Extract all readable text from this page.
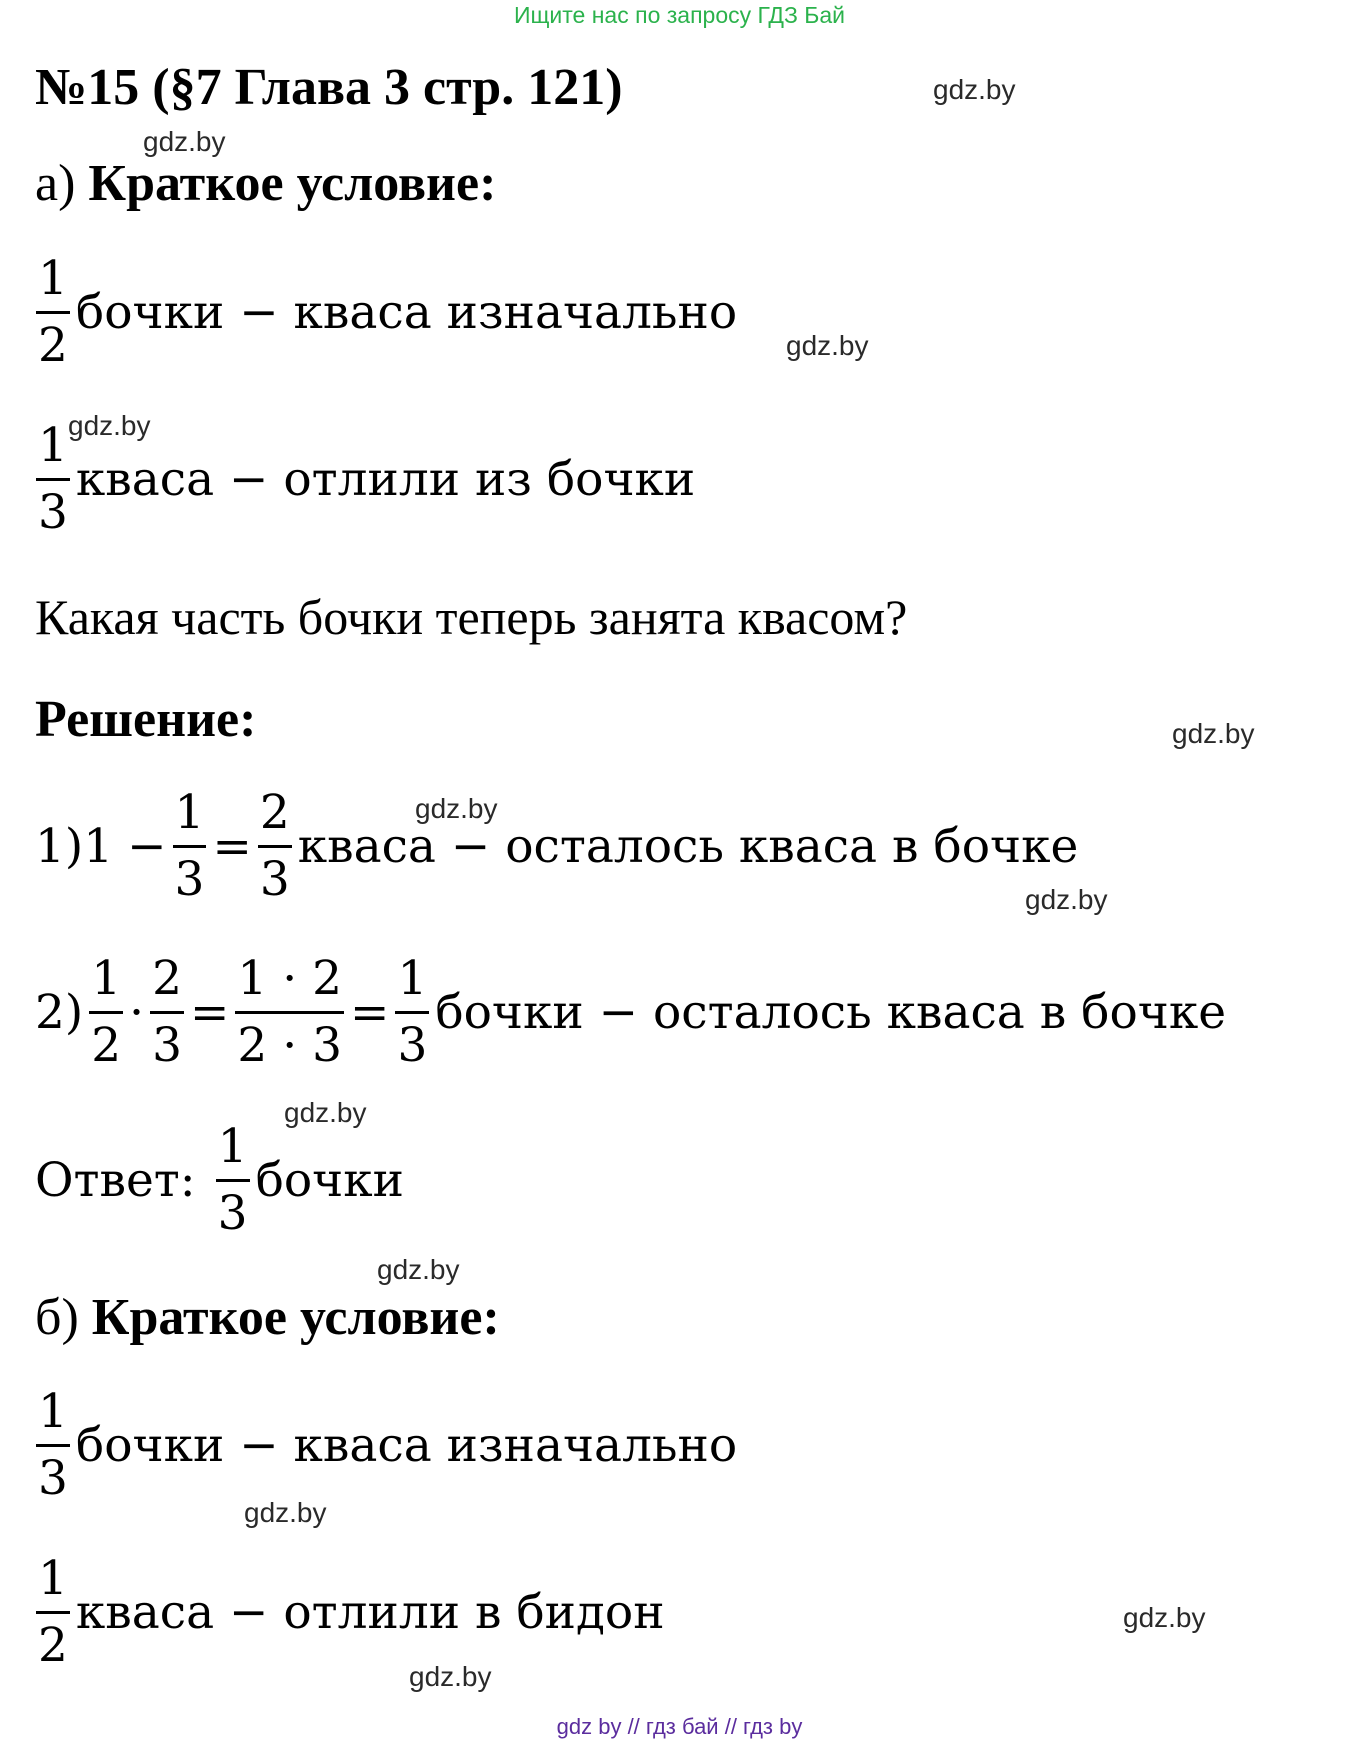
Ищите нас по запросу ГДЗ Бай
№15 (§7 Глава 3 стр. 121)	gdz.by
gdz.by
gdz.by
gdz.by
gdz.by
gdz.by
gdz.by
gdz.by
gdz.by
gdz.by
gdz.by
gdz.by
а) Краткое условие:
$\frac{1}{2}$ бочки − кваса изначально
$\frac{1}{3}$ кваса − отлили из бочки
Какая часть бочки теперь занята квасом?
Решение:
1) $1 - \frac{1}{3} = \frac{2}{3}$ кваса − осталось кваса в бочке
$2) \frac{1}{2} \cdot \frac{2}{3} = \frac{1 \cdot 2}{2 \cdot 3} = \frac{1}{3}$ бочки − осталось кваса в бочке
Ответ: $\frac{1}{3}$ бочки
б) Краткое условие:
$\frac{1}{3}$ бочки − кваса изначально
$\frac{1}{2}$ кваса − отлили в бидон
gdz by // гдз бай // гдз by
